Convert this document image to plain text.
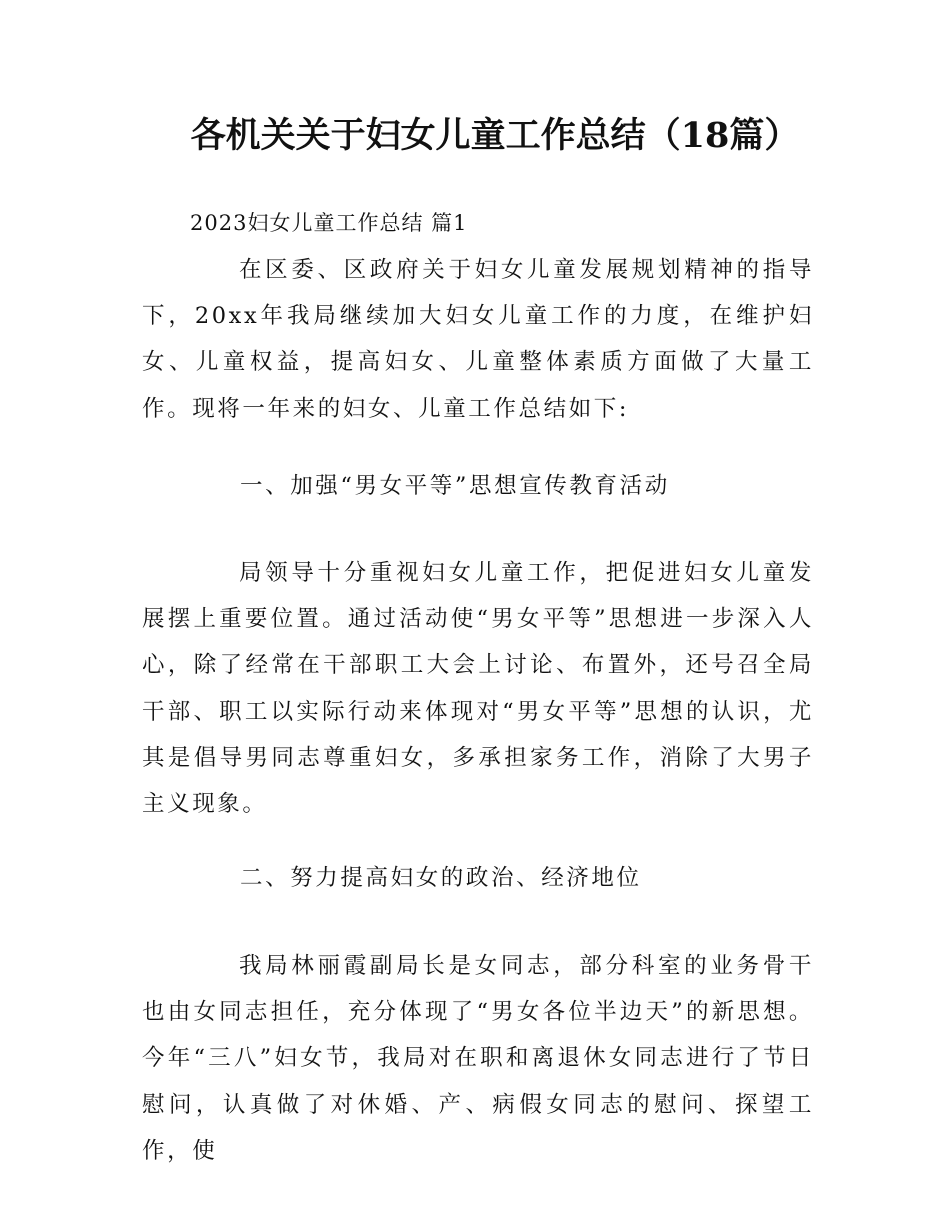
各机关关于妇女儿童工作总结（18篇）

2023妇女儿童工作总结 篇1

在区委、区政府关于妇女儿童发展规划精神的指导下，20xx年我局继续加大妇女儿童工作的力度，在维护妇女、儿童权益，提高妇女、儿童整体素质方面做了大量工作。现将一年来的妇女、儿童工作总结如下:

一、加强“男女平等”思想宣传教育活动

局领导十分重视妇女儿童工作，把促进妇女儿童发展摆上重要位置。通过活动使“男女平等”思想进一步深入人心，除了经常在干部职工大会上讨论、布置外，还号召全局干部、职工以实际行动来体现对“男女平等”思想的认识，尤其是倡导男同志尊重妇女，多承担家务工作，消除了大男子主义现象。

二、努力提高妇女的政治、经济地位

我局林丽霞副局长是女同志，部分科室的业务骨干也由女同志担任，充分体现了“男女各位半边天”的新思想。今年“三八”妇女节，我局对在职和离退休女同志进行了节日慰问，认真做了对休婚、产、病假女同志的慰问、探望工作，使
